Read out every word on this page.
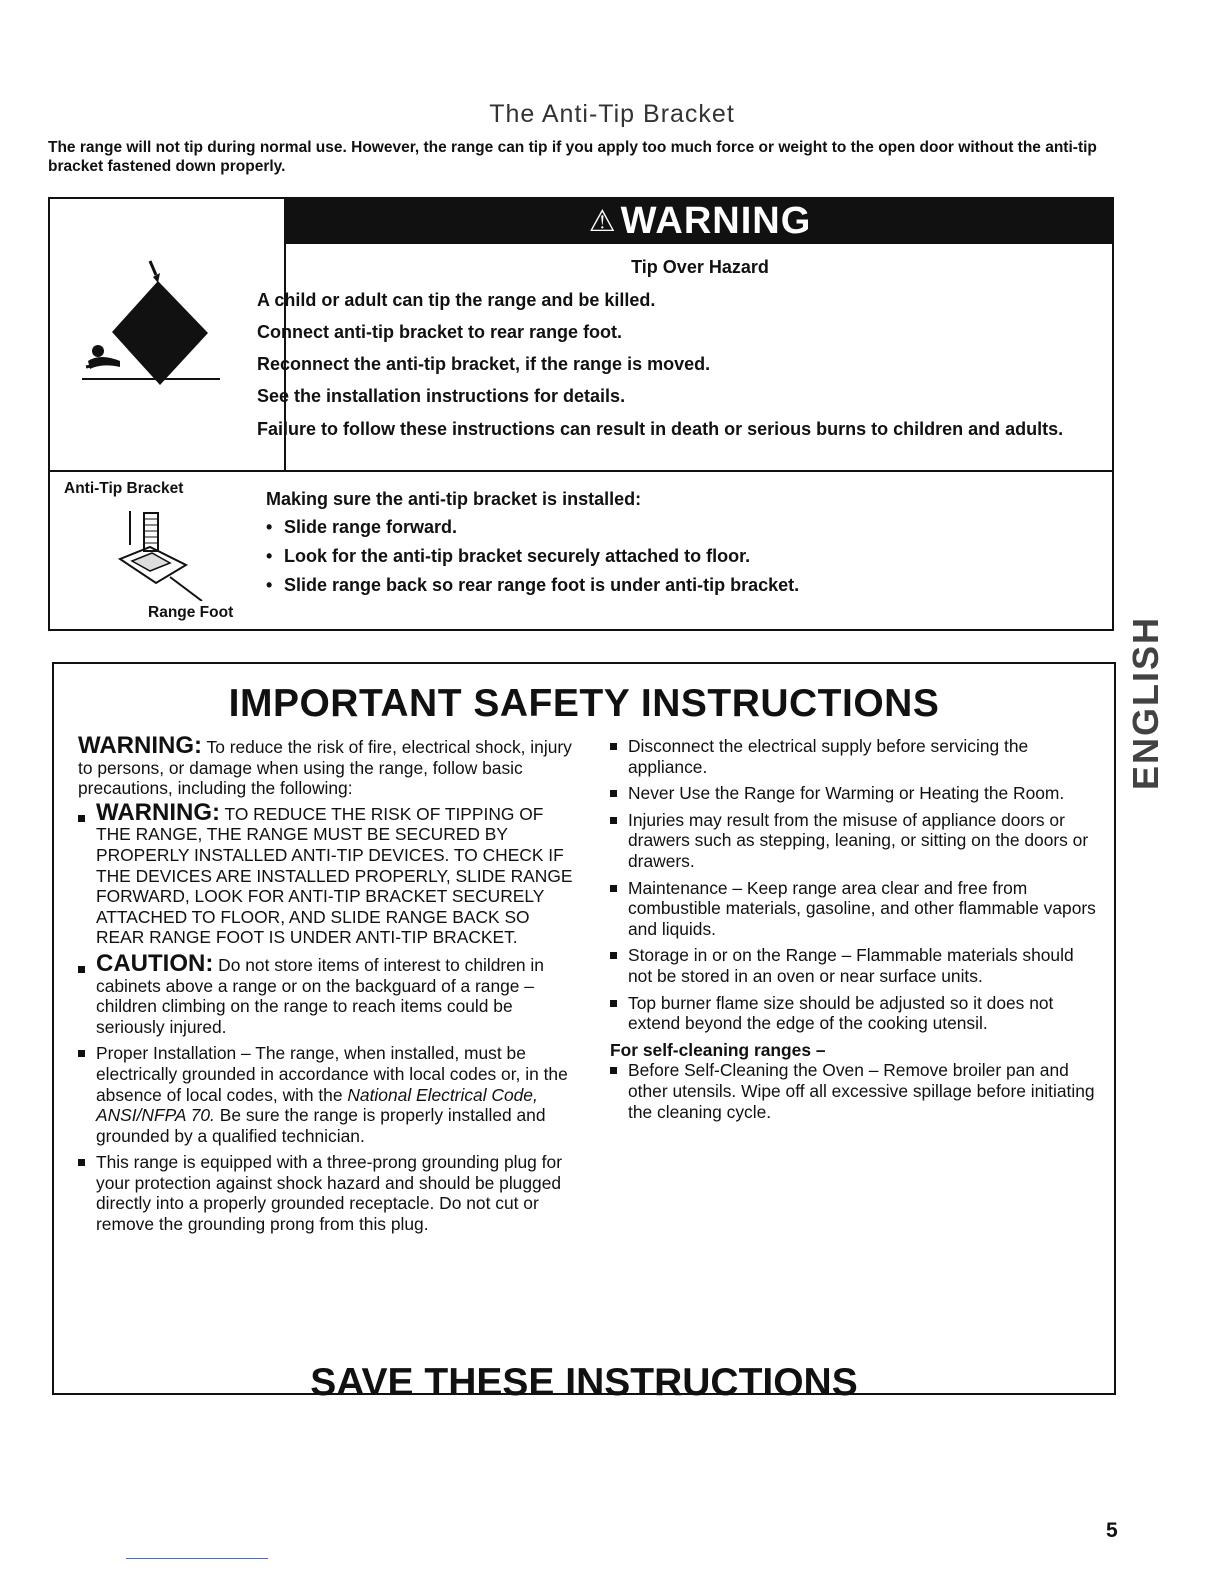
The Anti-Tip Bracket
The range will not tip during normal use. However, the range can tip if you apply too much force or weight to the open door without the anti-tip bracket fastened down properly.
⚠ WARNING
Tip Over Hazard
A child or adult can tip the range and be killed.
Connect anti-tip bracket to rear range foot.
Reconnect the anti-tip bracket, if the range is moved.
See the installation instructions for details.
Failure to follow these instructions can result in death or serious burns to children and adults.
Anti-Tip Bracket
Range Foot
Making sure the anti-tip bracket is installed:
• Slide range forward.
• Look for the anti-tip bracket securely attached to floor.
• Slide range back so rear range foot is under anti-tip bracket.
IMPORTANT SAFETY INSTRUCTIONS

WARNING: To reduce the risk of fire, electrical shock, injury to persons, or damage when using the range, follow basic precautions, including the following:

WARNING: TO REDUCE THE RISK OF TIPPING OF THE RANGE, THE RANGE MUST BE SECURED BY PROPERLY INSTALLED ANTI-TIP DEVICES. TO CHECK IF THE DEVICES ARE INSTALLED PROPERLY, SLIDE RANGE FORWARD, LOOK FOR ANTI-TIP BRACKET SECURELY ATTACHED TO FLOOR, AND SLIDE RANGE BACK SO REAR RANGE FOOT IS UNDER ANTI-TIP BRACKET.
CAUTION: Do not store items of interest to children in cabinets above a range or on the backguard of a range – children climbing on the range to reach items could be seriously injured.
Proper Installation – The range, when installed, must be electrically grounded in accordance with local codes or, in the absence of local codes, with the National Electrical Code, ANSI/NFPA 70. Be sure the range is properly installed and grounded by a qualified technician.
This range is equipped with a three-prong grounding plug for your protection against shock hazard and should be plugged directly into a properly grounded receptacle. Do not cut or remove the grounding prong from this plug.
Disconnect the electrical supply before servicing the appliance.
Never Use the Range for Warming or Heating the Room.
Injuries may result from the misuse of appliance doors or drawers such as stepping, leaning, or sitting on the doors or drawers.
Maintenance – Keep range area clear and free from combustible materials, gasoline, and other flammable vapors and liquids.
Storage in or on the Range – Flammable materials should not be stored in an oven or near surface units.
Top burner flame size should be adjusted so it does not extend beyond the edge of the cooking utensil.

For self-cleaning ranges –

Before Self-Cleaning the Oven – Remove broiler pan and other utensils. Wipe off all excessive spillage before initiating the cleaning cycle.
SAVE THESE INSTRUCTIONS
ENGLISH
5
